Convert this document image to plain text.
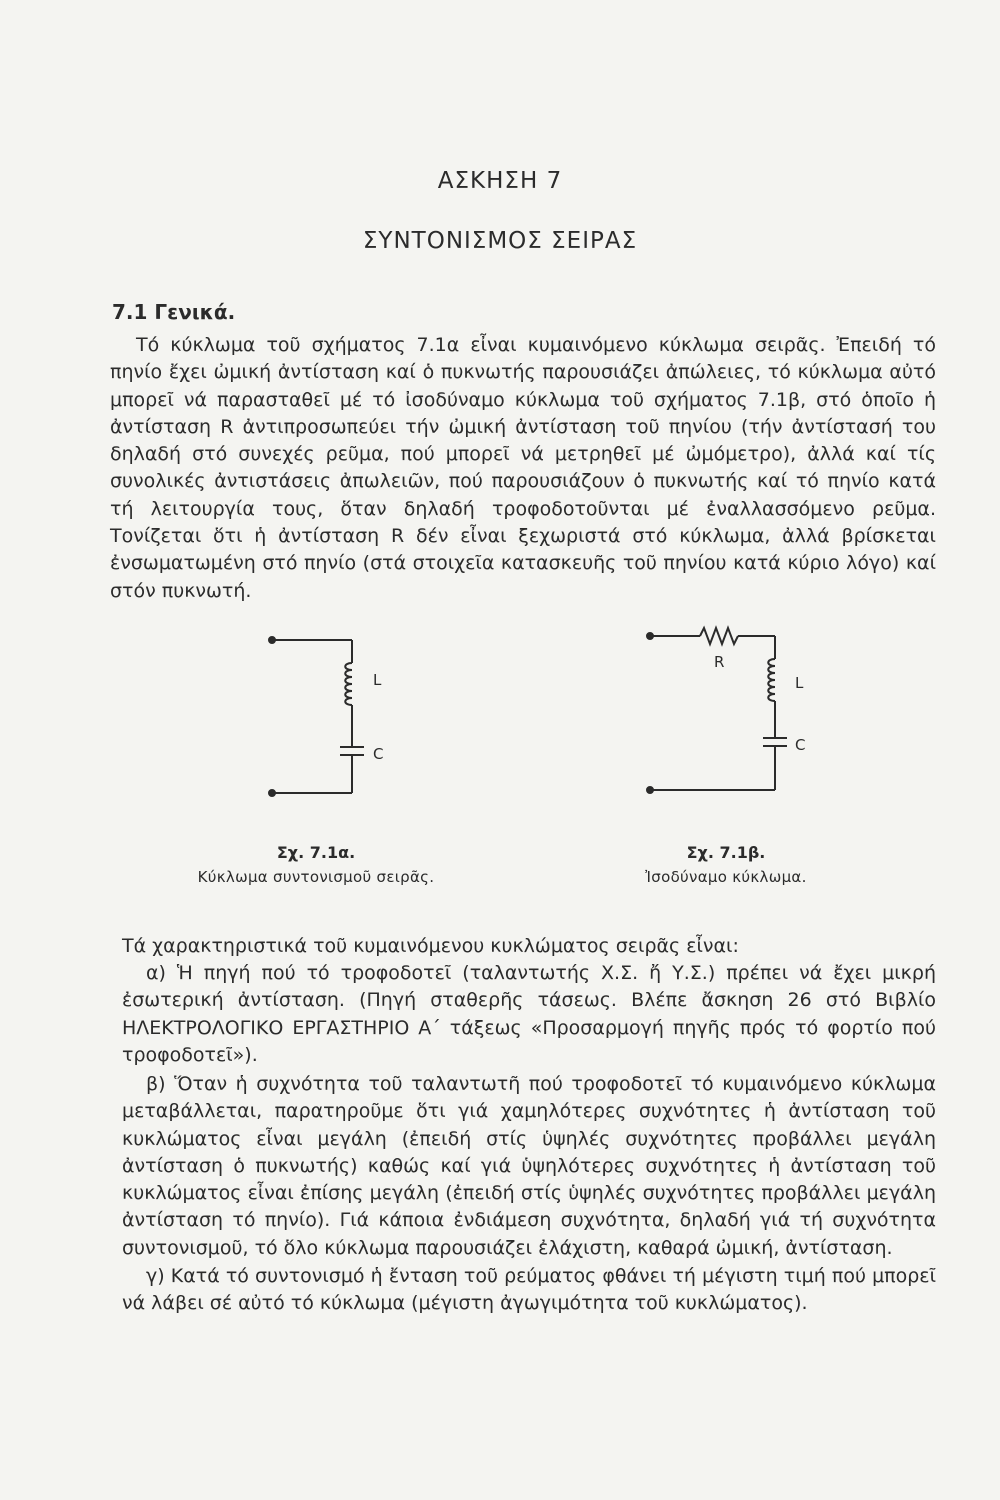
ΑΣΚΗΣΗ 7
ΣΥΝΤΟΝΙΣΜΟΣ ΣΕΙΡΑΣ
7.1 Γενικά.

Τό κύκλωμα τοῦ σχήματος 7.1α εἶναι κυμαινόμενο κύκλωμα σειρᾶς. Ἐπειδή τό πηνίο ἔχει ὠμική ἀντίσταση καί ὁ πυκνωτής παρουσιάζει ἀπώλειες, τό κύκλωμα αὐτό μπορεῖ νά παρασταθεῖ μέ τό ἰσοδύναμο κύκλωμα τοῦ σχήματος 7.1β, στό ὁποῖο ἡ ἀντίσταση R ἀντιπροσωπεύει τήν ὠμική ἀντίσταση τοῦ πηνίου (τήν ἀντίστασή του δηλαδή στό συνεχές ρεῦμα, πού μπορεῖ νά μετρηθεῖ μέ ὠμόμετρο), ἀλλά καί τίς συνολικές ἀντιστάσεις ἀπωλειῶν, πού παρουσιάζουν ὁ πυκνωτής καί τό πηνίο κατά τή λειτουργία τους, ὅταν δηλαδή τροφοδοτοῦνται μέ ἐναλλασσόμενο ρεῦμα. Τονίζεται ὅτι ἡ ἀντίσταση R δέν εἶναι ξεχωριστά στό κύκλωμα, ἀλλά βρίσκεται ἐνσωματωμένη στό πηνίο (στά στοιχεῖα κατασκευῆς τοῦ πηνίου κατά κύριο λόγο) καί στόν πυκνωτή.

L
C
R
L
C
Σχ. 7.1α.
Κύκλωμα συντονισμοῦ σειρᾶς.
Σχ. 7.1β.
Ἰσοδύναμο κύκλωμα.

Τά χαρακτηριστικά τοῦ κυμαινόμενου κυκλώματος σειρᾶς εἶναι:

α) Ἡ πηγή πού τό τροφοδοτεῖ (ταλαντωτής Χ.Σ. ἤ Υ.Σ.) πρέπει νά ἔχει μικρή ἐσωτερική ἀντίσταση. (Πηγή σταθερῆς τάσεως. Βλέπε ἄσκηση 26 στό Βιβλίο ΗΛΕΚΤΡΟΛΟΓΙΚΟ ΕΡΓΑΣΤΗΡΙΟ Α΄ τάξεως «Προσαρμογή πηγῆς πρός τό φορτίο πού τροφοδοτεῖ»).

β) Ὅταν ἡ συχνότητα τοῦ ταλαντωτῆ πού τροφοδοτεῖ τό κυμαινόμενο κύκλωμα μεταβάλλεται, παρατηροῦμε ὅτι γιά χαμηλότερες συχνότητες ἡ ἀντίσταση τοῦ κυκλώματος εἶναι μεγάλη (ἐπειδή στίς ὑψηλές συχνότητες προβάλλει μεγάλη ἀντίσταση ὁ πυκνωτής) καθώς καί γιά ὑψηλότερες συχνότητες ἡ ἀντίσταση τοῦ κυκλώματος εἶναι ἐπίσης μεγάλη (ἐπειδή στίς ὑψηλές συχνότητες προβάλλει μεγάλη ἀντίσταση τό πηνίο). Γιά κάποια ἐνδιάμεση συχνότητα, δηλαδή γιά τή συχνότητα συντονισμοῦ, τό ὅλο κύκλωμα παρουσιάζει ἐλάχιστη, καθαρά ὠμική, ἀντίσταση.

γ) Κατά τό συντονισμό ἡ ἔνταση τοῦ ρεύματος φθάνει τή μέγιστη τιμή πού μπορεῖ νά λάβει σέ αὐτό τό κύκλωμα (μέγιστη ἀγωγιμότητα τοῦ κυκλώματος).
